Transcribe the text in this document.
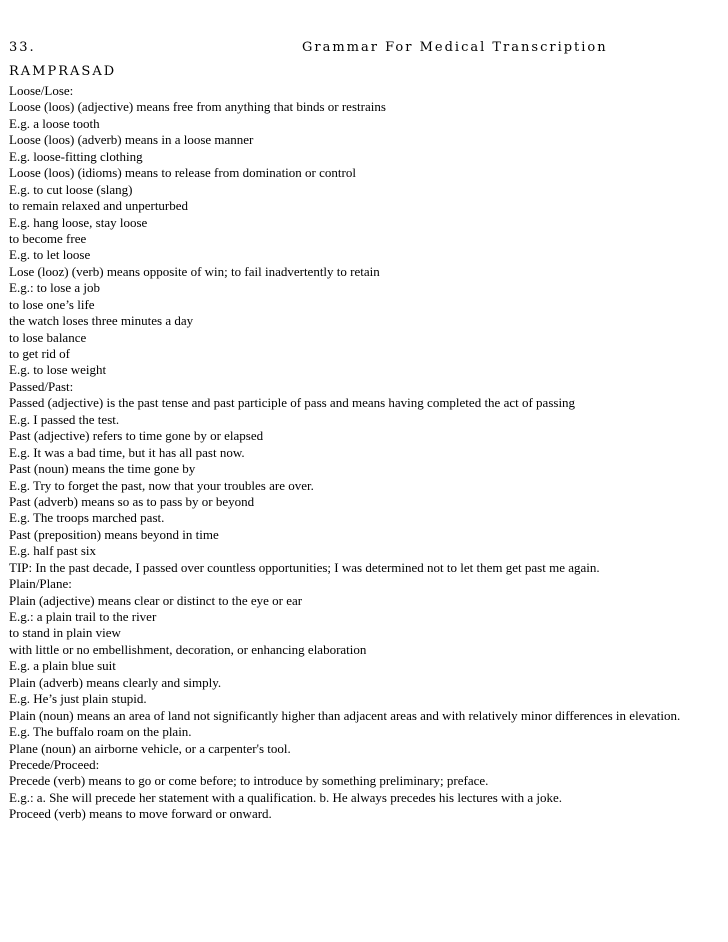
33.	Grammar For Medical Transcription
RAMPRASAD
Loose/Lose:
Loose (loos) (adjective) means free from anything that binds or restrains
E.g. a loose tooth
Loose (loos) (adverb) means in a loose manner
E.g. loose-fitting clothing
Loose (loos) (idioms) means to release from domination or control
E.g. to cut loose (slang)
to remain relaxed and unperturbed
E.g. hang loose, stay loose
to become free
E.g. to let loose
Lose (looz) (verb) means opposite of win; to fail inadvertently to retain
E.g.: to lose a job
to lose one’s life
the watch loses three minutes a day
to lose balance
to get rid of
E.g. to lose weight
Passed/Past:
Passed (adjective) is the past tense and past participle of pass and means having completed the act of passing
E.g. I passed the test.
Past (adjective) refers to time gone by or elapsed
E.g. It was a bad time, but it has all past now.
Past (noun) means the time gone by
E.g. Try to forget the past, now that your troubles are over.
Past (adverb) means so as to pass by or beyond
E.g. The troops marched past.
Past (preposition) means beyond in time
E.g. half past six
TIP: In the past decade, I passed over countless opportunities; I was determined not to let them get past me again.
Plain/Plane:
Plain (adjective) means clear or distinct to the eye or ear
E.g.: a plain trail to the river
to stand in plain view
with little or no embellishment, decoration, or enhancing elaboration
E.g. a plain blue suit
Plain (adverb) means clearly and simply.
E.g. He’s just plain stupid.
Plain (noun) means an area of land not significantly higher than adjacent areas and with relatively minor differences in elevation.
E.g. The buffalo roam on the plain.
Plane (noun) an airborne vehicle, or a carpenter's tool.
Precede/Proceed:
Precede (verb) means to go or come before; to introduce by something preliminary; preface.
E.g.: a. She will precede her statement with a qualification. b. He always precedes his lectures with a joke.
Proceed (verb) means to move forward or onward.
